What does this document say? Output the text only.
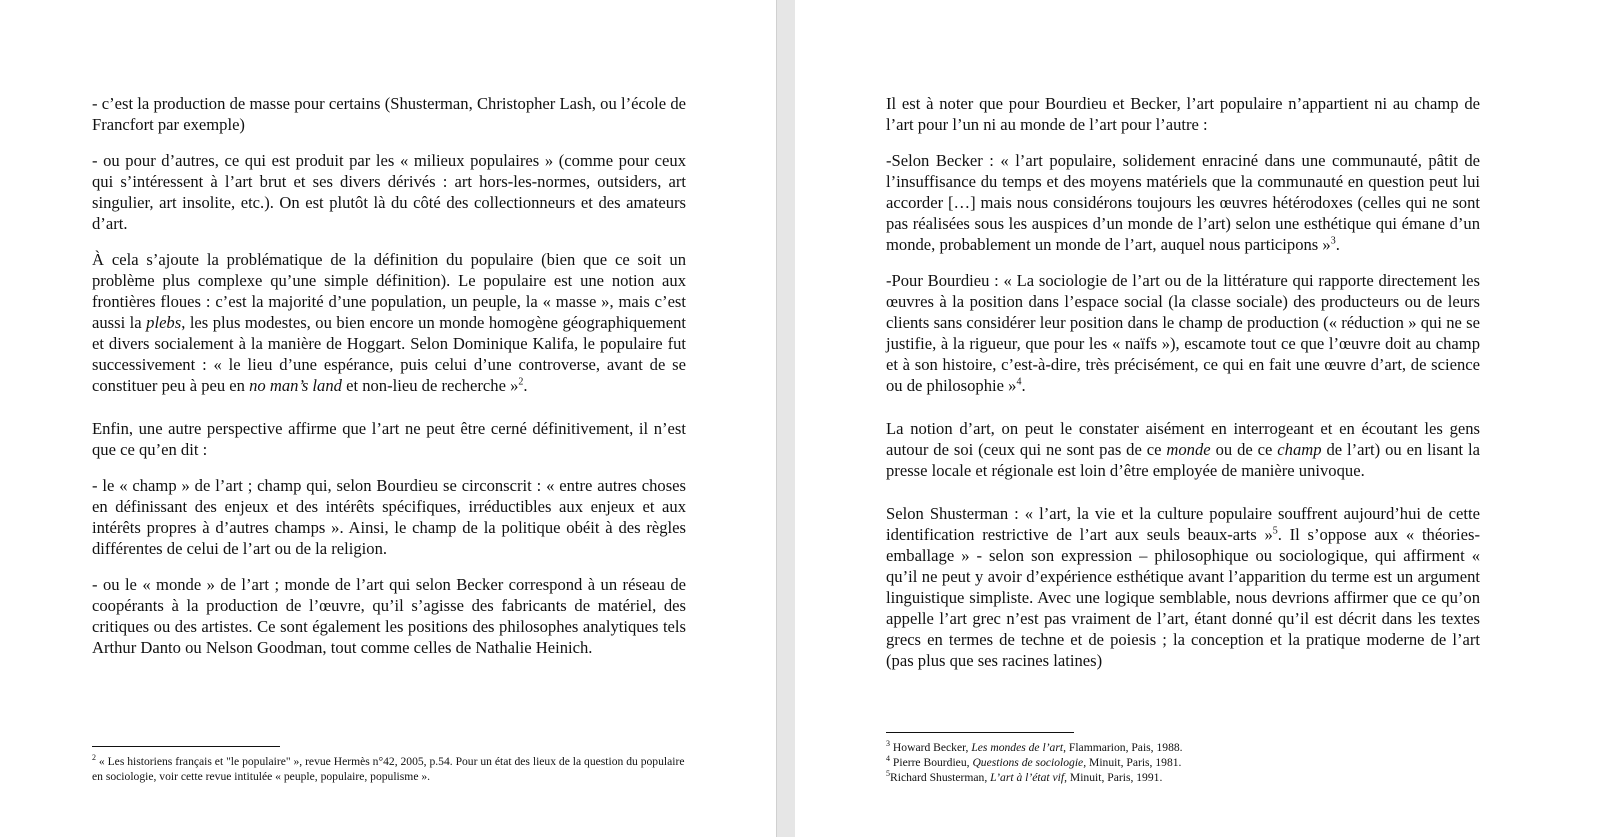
- c’est la production de masse pour certains (Shusterman, Christopher Lash, ou l’école de Francfort par exemple)

- ou pour d’autres, ce qui est produit par les « milieux populaires » (comme pour ceux qui s’intéressent à l’art brut et ses divers dérivés : art hors-les-normes, outsiders, art singulier, art insolite, etc.). On est plutôt là du côté des collectionneurs et des amateurs d’art.

À cela s’ajoute la problématique de la définition du populaire (bien que ce soit un problème plus complexe qu’une simple définition). Le populaire est une notion aux frontières floues : c’est la majorité d’une population, un peuple, la « masse », mais c’est aussi la plebs, les plus modestes, ou bien encore un monde homogène géographiquement et divers socialement à la manière de Hoggart. Selon Dominique Kalifa, le populaire fut successivement : « le lieu d’une espérance, puis celui d’une controverse, avant de se constituer peu à peu en no man’s land et non-lieu de recherche »$^2$.

Enfin, une autre perspective affirme que l’art ne peut être cerné définitivement, il n’est que ce qu’en dit :

- le « champ » de l’art ; champ qui, selon Bourdieu se circonscrit : « entre autres choses en définissant des enjeux et des intérêts spécifiques, irréductibles aux enjeux et aux intérêts propres à d’autres champs ». Ainsi, le champ de la politique obéit à des règles différentes de celui de l’art ou de la religion.

- ou le « monde » de l’art ; monde de l’art qui selon Becker correspond à un réseau de coopérants à la production de l’œuvre, qu’il s’agisse des fabricants de matériel, des critiques ou des artistes. Ce sont également les positions des philosophes analytiques tels Arthur Danto ou Nelson Goodman, tout comme celles de Nathalie Heinich.

$^2$ « Les historiens français et "le populaire" », revue Hermès n°42, 2005, p.54. Pour un état des lieux de la question du populaire en sociologie, voir cette revue intitulée « peuple, populaire, populisme ».

Il est à noter que pour Bourdieu et Becker, l’art populaire n’appartient ni au champ de l’art pour l’un ni au monde de l’art pour l’autre :

-Selon Becker : « l’art populaire, solidement enraciné dans une communauté, pâtit de l’insuffisance du temps et des moyens matériels que la communauté en question peut lui accorder […] mais nous considérons toujours les œuvres hétérodoxes (celles qui ne sont pas réalisées sous les auspices d’un monde de l’art) selon une esthétique qui émane d’un monde, probablement un monde de l’art, auquel nous participons »$^3$.

-Pour Bourdieu : « La sociologie de l’art ou de la littérature qui rapporte directement les œuvres à la position dans l’espace social (la classe sociale) des producteurs ou de leurs clients sans considérer leur position dans le champ de production (« réduction » qui ne se justifie, à la rigueur, que pour les « naïfs »), escamote tout ce que l’œuvre doit au champ et à son histoire, c’est-à-dire, très précisément, ce qui en fait une œuvre d’art, de science ou de philosophie »$^4$.

La notion d’art, on peut le constater aisément en interrogeant et en écoutant les gens autour de soi (ceux qui ne sont pas de ce monde ou de ce champ de l’art) ou en lisant la presse locale et régionale est loin d’être employée de manière univoque.

Selon Shusterman : « l’art, la vie et la culture populaire souffrent aujourd’hui de cette identification restrictive de l’art aux seuls beaux-arts »$^5$. Il s’oppose aux « théories-emballage » - selon son expression – philosophique ou sociologique, qui affirment « qu’il ne peut y avoir d’expérience esthétique avant l’apparition du terme est un argument linguistique simpliste. Avec une logique semblable, nous devrions affirmer que ce qu’on appelle l’art grec n’est pas vraiment de l’art, étant donné qu’il est décrit dans les textes grecs en termes de techne et de poiesis ; la conception et la pratique moderne de l’art (pas plus que ses racines latines)

$^3$ Howard Becker, Les mondes de l’art, Flammarion, Pais, 1988.

$^4$ Pierre Bourdieu, Questions de sociologie, Minuit, Paris, 1981.

$^5$Richard Shusterman, L’art à l’état vif, Minuit, Paris, 1991.
